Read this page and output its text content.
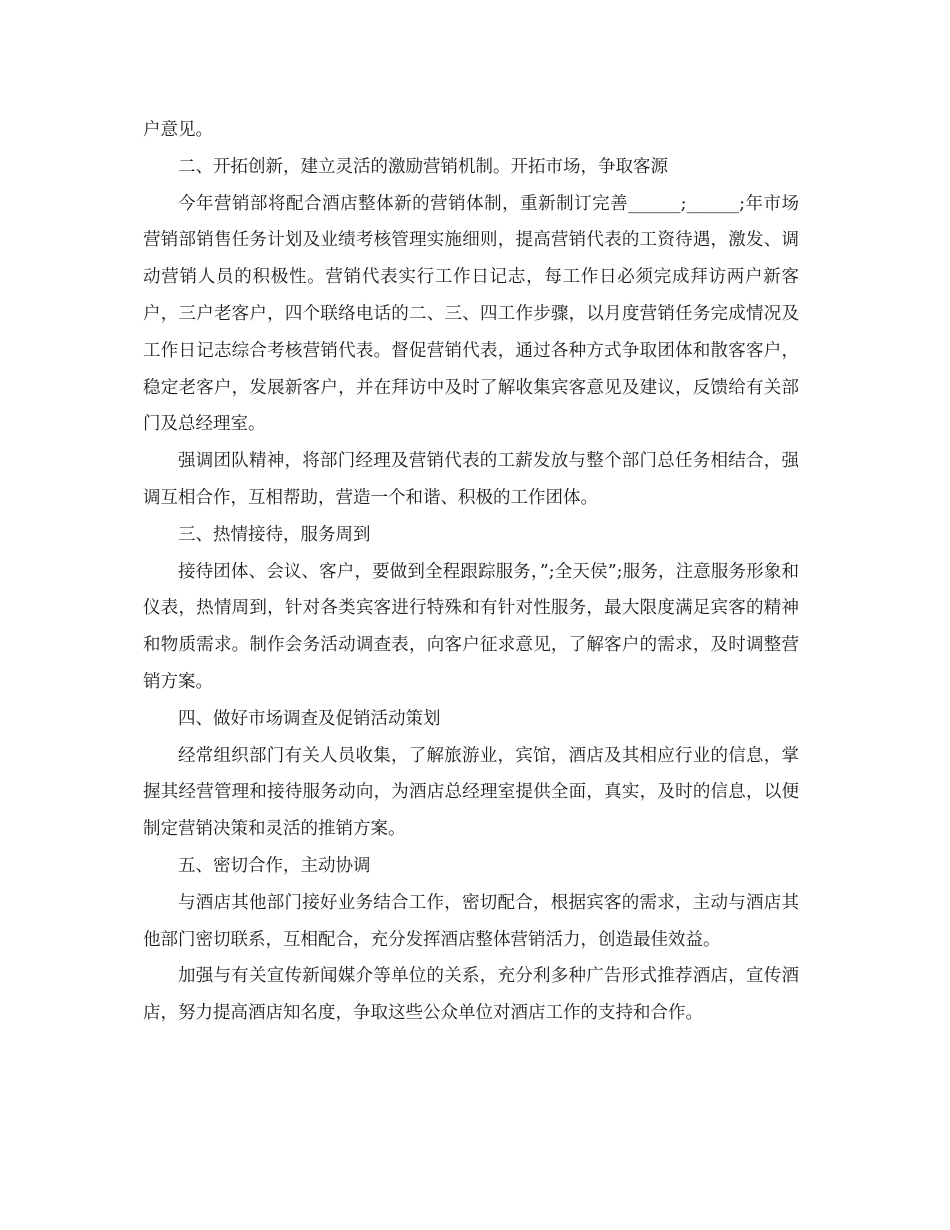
户意见。

二、开拓创新，建立灵活的激励营销机制。开拓市场，争取客源

今年营销部将配合酒店整体新的营销体制，重新制订完善______;______;年市场营销部销售任务计划及业绩考核管理实施细则，提高营销代表的工资待遇，激发、调动营销人员的积极性。营销代表实行工作日记志，每工作日必须完成拜访两户新客户，三户老客户，四个联络电话的二、三、四工作步骤，以月度营销任务完成情况及工作日记志综合考核营销代表。督促营销代表，通过各种方式争取团体和散客客户，稳定老客户，发展新客户，并在拜访中及时了解收集宾客意见及建议，反馈给有关部门及总经理室。

强调团队精神，将部门经理及营销代表的工薪发放与整个部门总任务相结合，强调互相合作，互相帮助，营造一个和谐、积极的工作团体。

三、热情接待，服务周到

接待团体、会议、客户，要做到全程跟踪服务，”;全天侯”;服务，注意服务形象和仪表，热情周到，针对各类宾客进行特殊和有针对性服务，最大限度满足宾客的精神和物质需求。制作会务活动调查表，向客户征求意见，了解客户的需求，及时调整营销方案。

四、做好市场调查及促销活动策划

经常组织部门有关人员收集，了解旅游业，宾馆，酒店及其相应行业的信息，掌握其经营管理和接待服务动向，为酒店总经理室提供全面，真实，及时的信息，以便制定营销决策和灵活的推销方案。

五、密切合作，主动协调

与酒店其他部门接好业务结合工作，密切配合，根据宾客的需求，主动与酒店其他部门密切联系，互相配合，充分发挥酒店整体营销活力，创造最佳效益。

加强与有关宣传新闻媒介等单位的关系，充分利多种广告形式推荐酒店，宣传酒店，努力提高酒店知名度，争取这些公众单位对酒店工作的支持和合作。
